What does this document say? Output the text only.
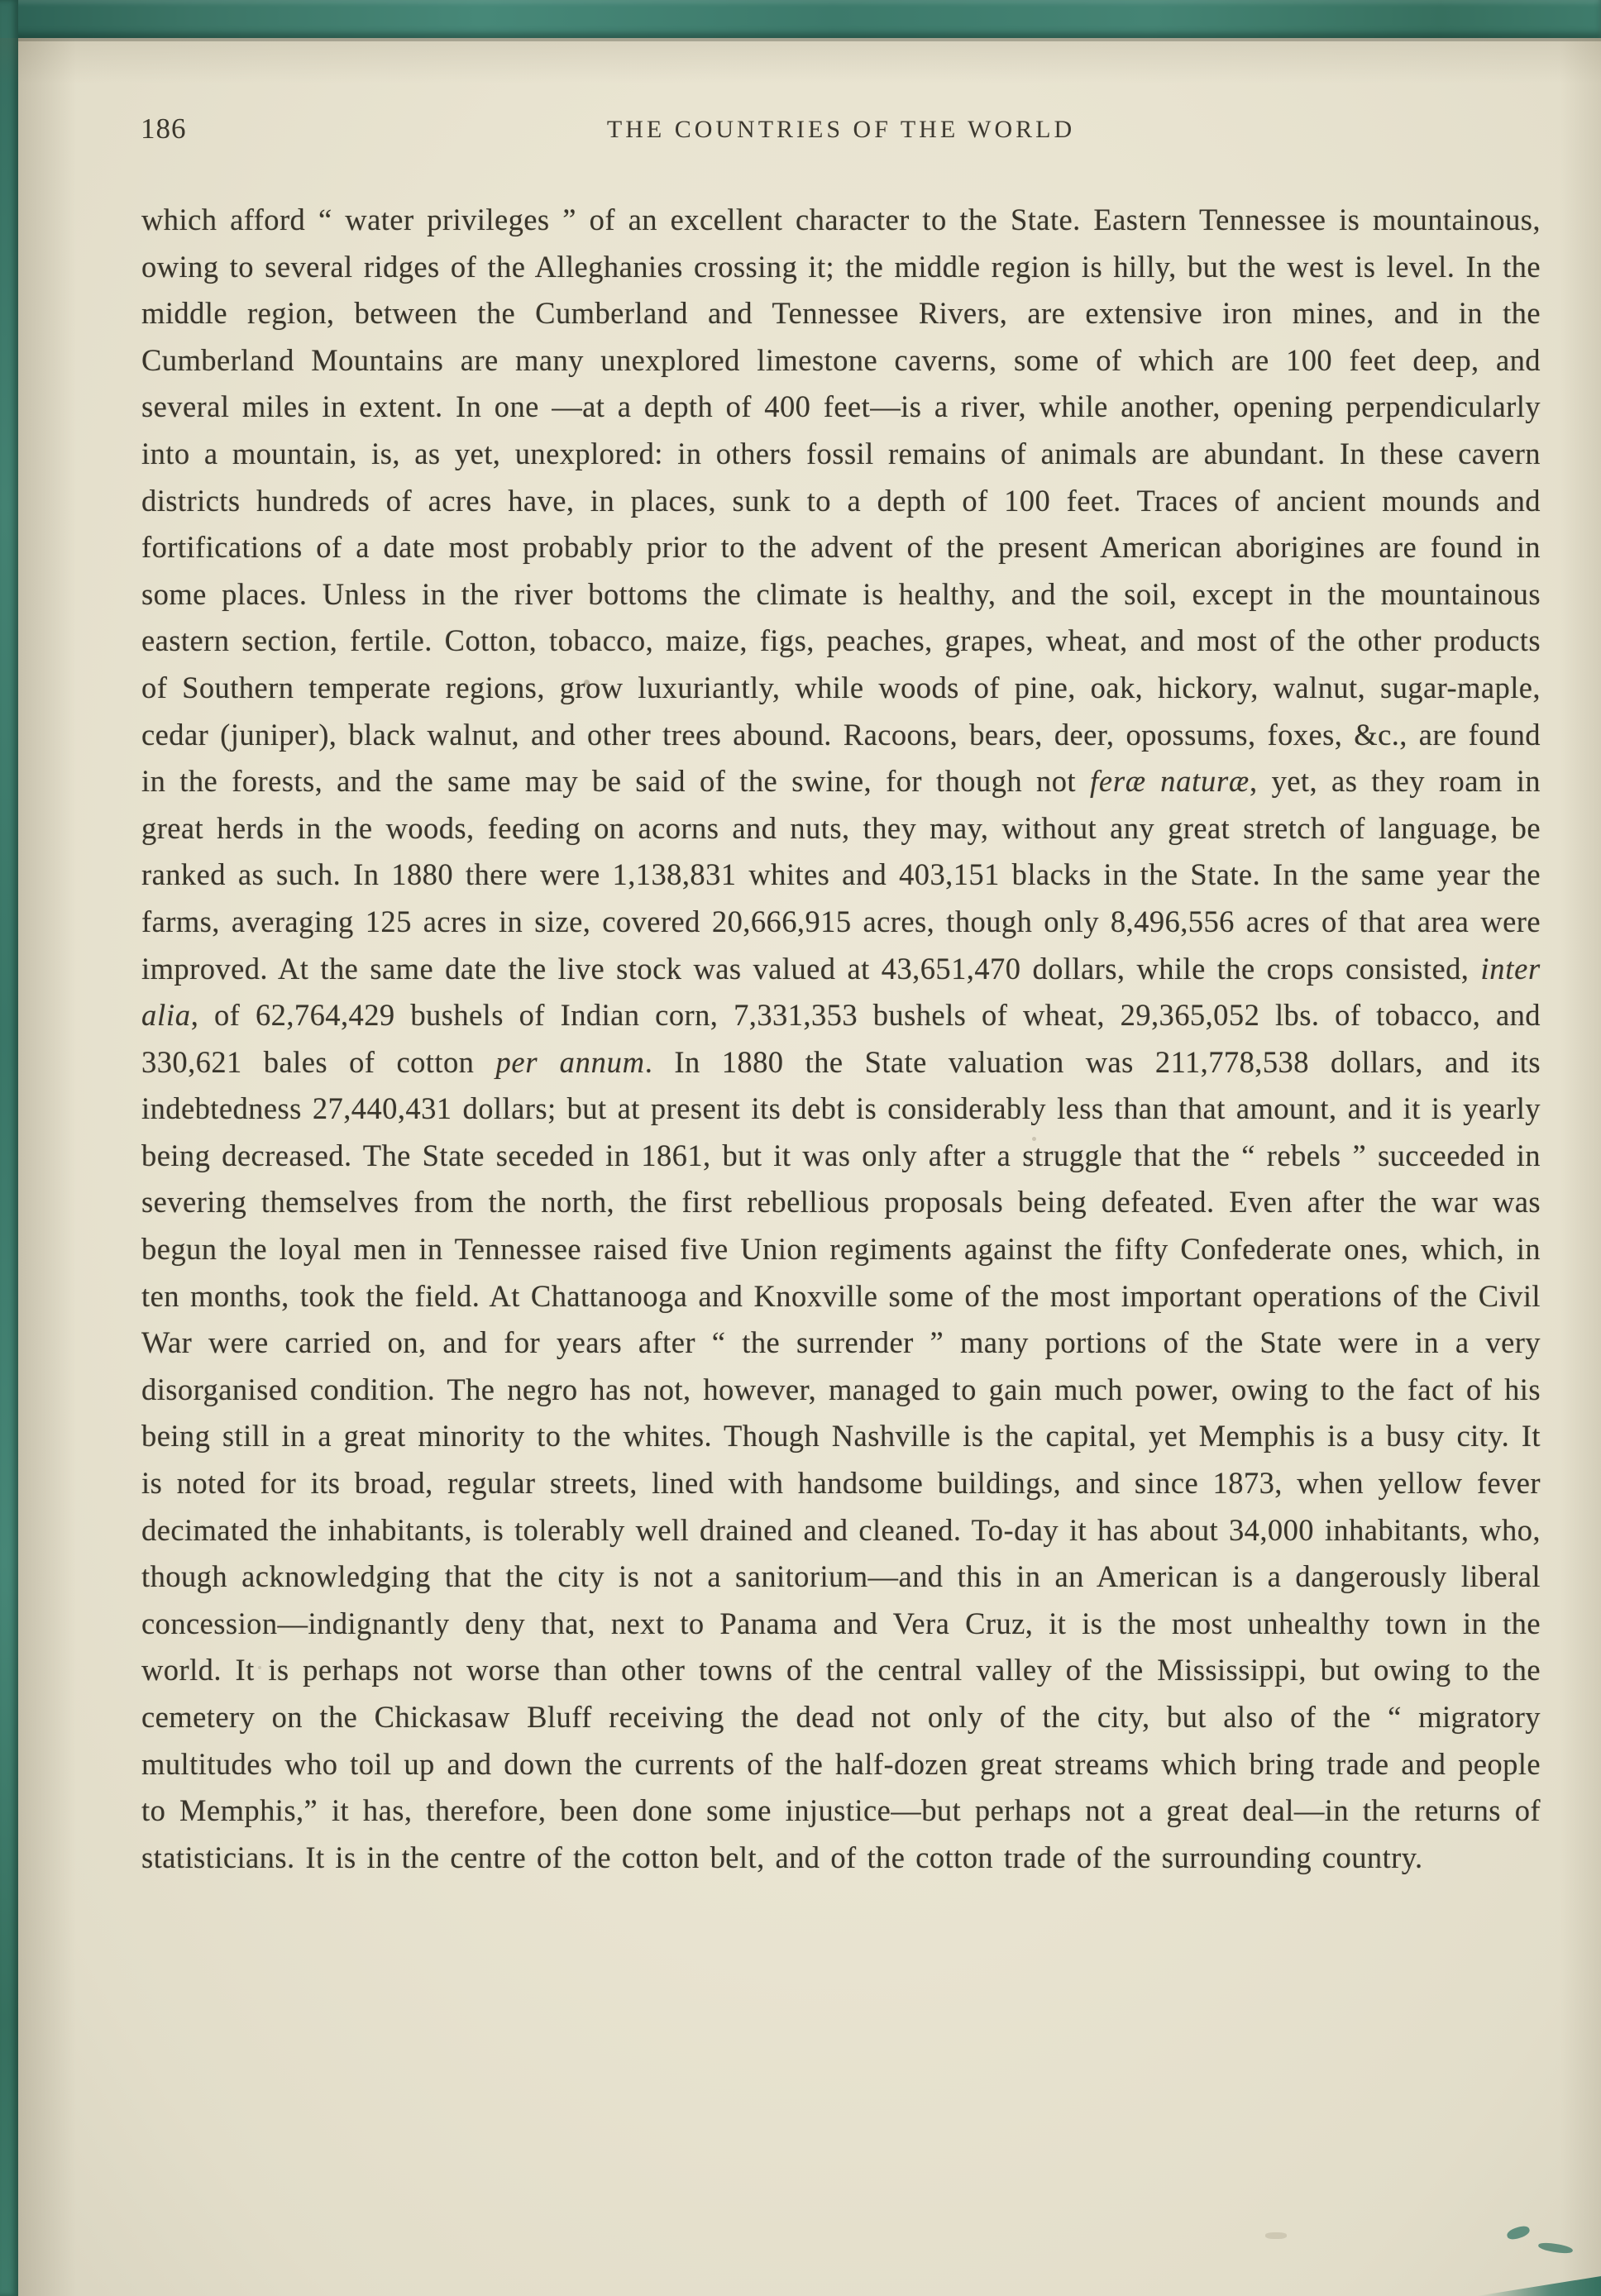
186	THE COUNTRIES OF THE WORLD
which afford “ water privileges ” of an excellent character to the State. Eastern Tennessee is mountainous, owing to several ridges of the Alleghanies crossing it; the middle region is hilly, but the west is level. In the middle region, between the Cumberland and Tennessee Rivers, are extensive iron mines, and in the Cumberland Mountains are many unexplored limestone caverns, some of which are 100 feet deep, and several miles in extent. In one —at a depth of 400 feet—is a river, while another, opening perpendicularly into a mountain, is, as yet, unexplored: in others fossil remains of animals are abundant. In these cavern districts hundreds of acres have, in places, sunk to a depth of 100 feet. Traces of ancient mounds and fortifications of a date most probably prior to the advent of the present American aborigines are found in some places. Unless in the river bottoms the climate is healthy, and the soil, except in the mountainous eastern section, fertile. Cotton, tobacco, maize, figs, peaches, grapes, wheat, and most of the other products of Southern temperate regions, grow luxuriantly, while woods of pine, oak, hickory, walnut, sugar-maple, cedar (juniper), black walnut, and other trees abound. Racoons, bears, deer, opossums, foxes, &c., are found in the forests, and the same may be said of the swine, for though not feræ naturæ, yet, as they roam in great herds in the woods, feeding on acorns and nuts, they may, without any great stretch of language, be ranked as such. In 1880 there were 1,138,831 whites and 403,151 blacks in the State. In the same year the farms, averaging 125 acres in size, covered 20,666,915 acres, though only 8,496,556 acres of that area were improved. At the same date the live stock was valued at 43,651,470 dollars, while the crops consisted, inter alia, of 62,764,429 bushels of Indian corn, 7,331,353 bushels of wheat, 29,365,052 lbs. of tobacco, and 330,621 bales of cotton per annum. In 1880 the State valuation was 211,778,538 dollars, and its indebtedness 27,440,431 dollars; but at present its debt is considerably less than that amount, and it is yearly being decreased. The State seceded in 1861, but it was only after a struggle that the “ rebels ” succeeded in severing themselves from the north, the first rebellious proposals being defeated. Even after the war was begun the loyal men in Tennessee raised five Union regiments against the fifty Confederate ones, which, in ten months, took the field. At Chattanooga and Knoxville some of the most important operations of the Civil War were carried on, and for years after “ the surrender ” many portions of the State were in a very disorganised condition. The negro has not, however, managed to gain much power, owing to the fact of his being still in a great minority to the whites. Though Nashville is the capital, yet Memphis is a busy city. It is noted for its broad, regular streets, lined with handsome buildings, and since 1873, when yellow fever decimated the inhabitants, is tolerably well drained and cleaned. To-day it has about 34,000 inhabitants, who, though acknowledging that the city is not a sanitorium—and this in an American is a dangerously liberal concession—indignantly deny that, next to Panama and Vera Cruz, it is the most unhealthy town in the world. It is perhaps not worse than other towns of the central valley of the Mississippi, but owing to the cemetery on the Chickasaw Bluff receiving the dead not only of the city, but also of the “ migratory multitudes who toil up and down the currents of the half-dozen great streams which bring trade and people to Memphis,” it has, therefore, been done some injustice—but perhaps not a great deal—in the returns of statisticians. It is in the centre of the cotton belt, and of the cotton trade of the surrounding country.
